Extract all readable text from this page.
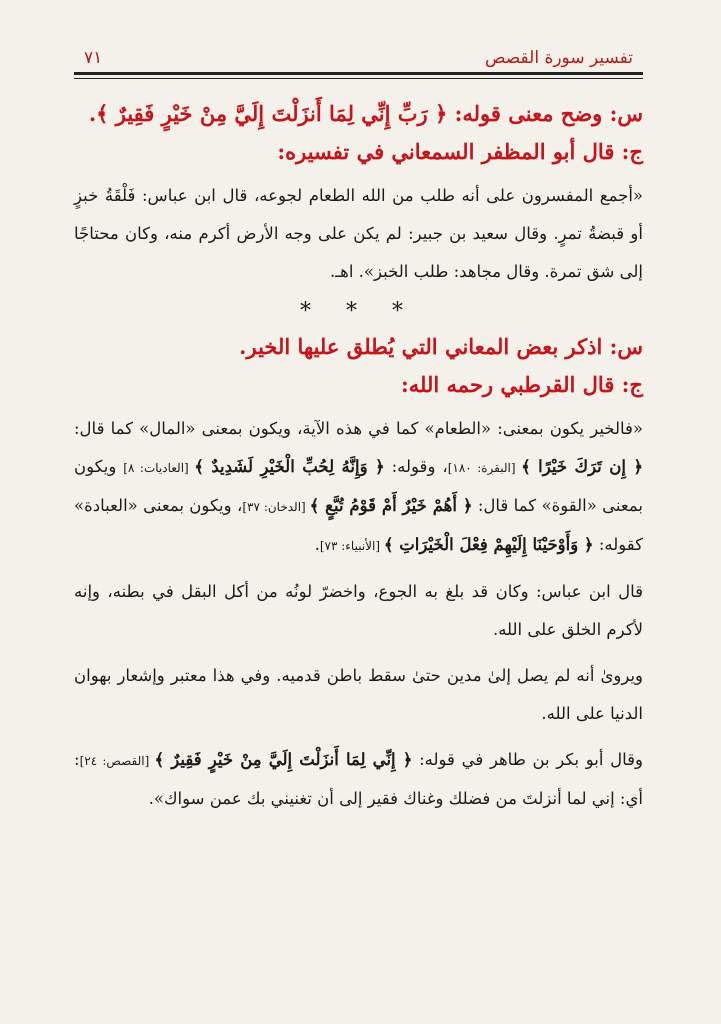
تفسير سورة القصص
٧١

س: وضح معنى قوله: ﴿ رَبِّ إِنِّي لِمَا أَنزَلْتَ إِلَيَّ مِنْ خَيْرٍ فَقِيرٌ ﴾.

ج: قال أبو المظفر السمعاني في تفسيره:

«أجمع المفسرون على أنه طلب من الله الطعام لجوعه، قال ابن عباس: فَلْقَةُ خبزٍ أو قبضةُ تمرٍ. وقال سعيد بن جبير: لم يكن على وجه الأرض أكرم منه، وكان محتاجًا إلى شق تمرة. وقال مجاهد: طلب الخبز». اهـ.

* * *

س: اذكر بعض المعاني التي يُطلق عليها الخير.

ج: قال القرطبي رحمه الله:

«فالخير يكون بمعنى: «الطعام» كما في هذه الآية، ويكون بمعنى «المال» كما قال: ﴿ إِن تَرَكَ خَيْرًا ﴾ [البقرة: ١٨٠]، وقوله: ﴿ وَإِنَّهُ لِحُبِّ الْخَيْرِ لَشَدِيدٌ ﴾ [العاديات: ٨] ويكون بمعنى «القوة» كما قال: ﴿ أَهُمْ خَيْرٌ أَمْ قَوْمُ تُبَّعٍ ﴾ [الدخان: ٣٧]، ويكون بمعنى «العبادة» كقوله: ﴿ وَأَوْحَيْنَا إِلَيْهِمْ فِعْلَ الْخَيْرَاتِ ﴾ [الأنبياء: ٧٣].

قال ابن عباس: وكان قد بلغ به الجوع، واخضرّ لونُه من أكل البقل في بطنه، وإنه لأكرم الخلق على الله.

ويروىٰ أنه لم يصل إلىٰ مدين حتىٰ سقط باطن قدميه. وفي هذا معتبر وإشعار بهوان الدنيا على الله.

وقال أبو بكر بن طاهر في قوله: ﴿ إِنِّي لِمَا أَنزَلْتَ إِلَيَّ مِنْ خَيْرٍ فَقِيرٌ ﴾ [القصص: ٢٤]: أي: إني لما أنزلتَ من فضلك وغناك فقير إلى أن تغنيني بك عمن سواك».
